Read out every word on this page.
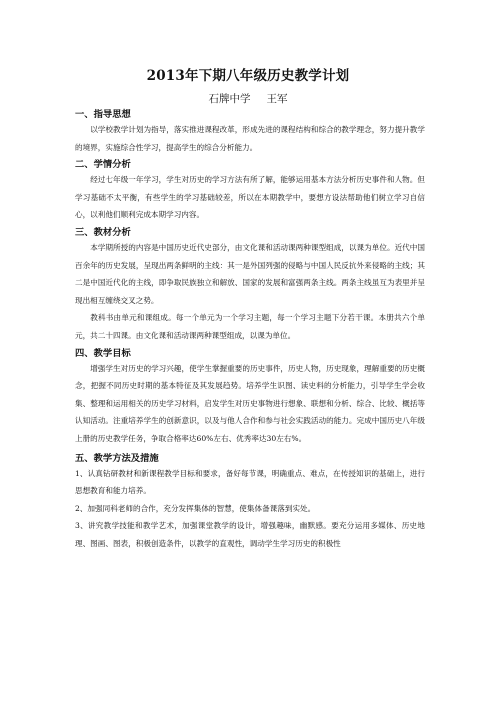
2013年下期八年级历史教学计划
石牌中学 王军
一、指导思想

以学校教学计划为指导，落实推进课程改革，形成先进的课程结构和综合的教学理念，努力提升教学的境界，实施综合性学习，提高学生的综合分析能力。

二、学情分析

经过七年级一年学习，学生对历史的学习方法有所了解，能够运用基本方法分析历史事件和人物。但学习基础不太平衡，有些学生的学习基础较差，所以在本期教学中，要想方设法帮助他们树立学习自信心，以利他们顺利完成本期学习内容。

三、教材分析

本学期所授的内容是中国历史近代史部分，由文化课和活动课两种课型组成，以课为单位。近代中国百余年的历史发展，呈现出两条鲜明的主线：其一是外国列强的侵略与中国人民反抗外来侵略的主线；其二是中国近代化的主线，即争取民族独立和解放、国家的发展和富强两条主线。两条主线虽互为表里并呈现出相互缠绕交叉之势。

教科书由单元和课组成。每一个单元为一个学习主题，每一个学习主题下分若干课。本册共六个单元，共二十四课。由文化课和活动课两种课型组成，以课为单位。

四、教学目标

增强学生对历史的学习兴趣，使学生掌握重要的历史事件，历史人物，历史现象，理解重要的历史概念，把握不同历史时期的基本特征及其发展趋势。培养学生识图、读史料的分析能力，引导学生学会收集、整理和运用相关的历史学习材料，启发学生对历史事物进行想象、联想和分析、综合、比较、概括等认知活动。注重培养学生的创新意识，以及与他人合作和参与社会实践活动的能力。完成中国历史八年级上册的历史教学任务，争取合格率达60%左右、优秀率达30左右%。

五、教学方法及措施

1、认真钻研教材和新课程教学目标和要求，备好每节课，明确重点、难点，在传授知识的基础上，进行思想教育和能力培养。

2、加强同科老师的合作，充分发挥集体的智慧，使集体备课落到实处。

3、讲究教学技能和教学艺术，加强课堂教学的设计，增强趣味，幽默感。要充分运用多媒体、历史地理、图画、图表，积极创造条件，以教学的直观性，调动学生学习历史的积极性
